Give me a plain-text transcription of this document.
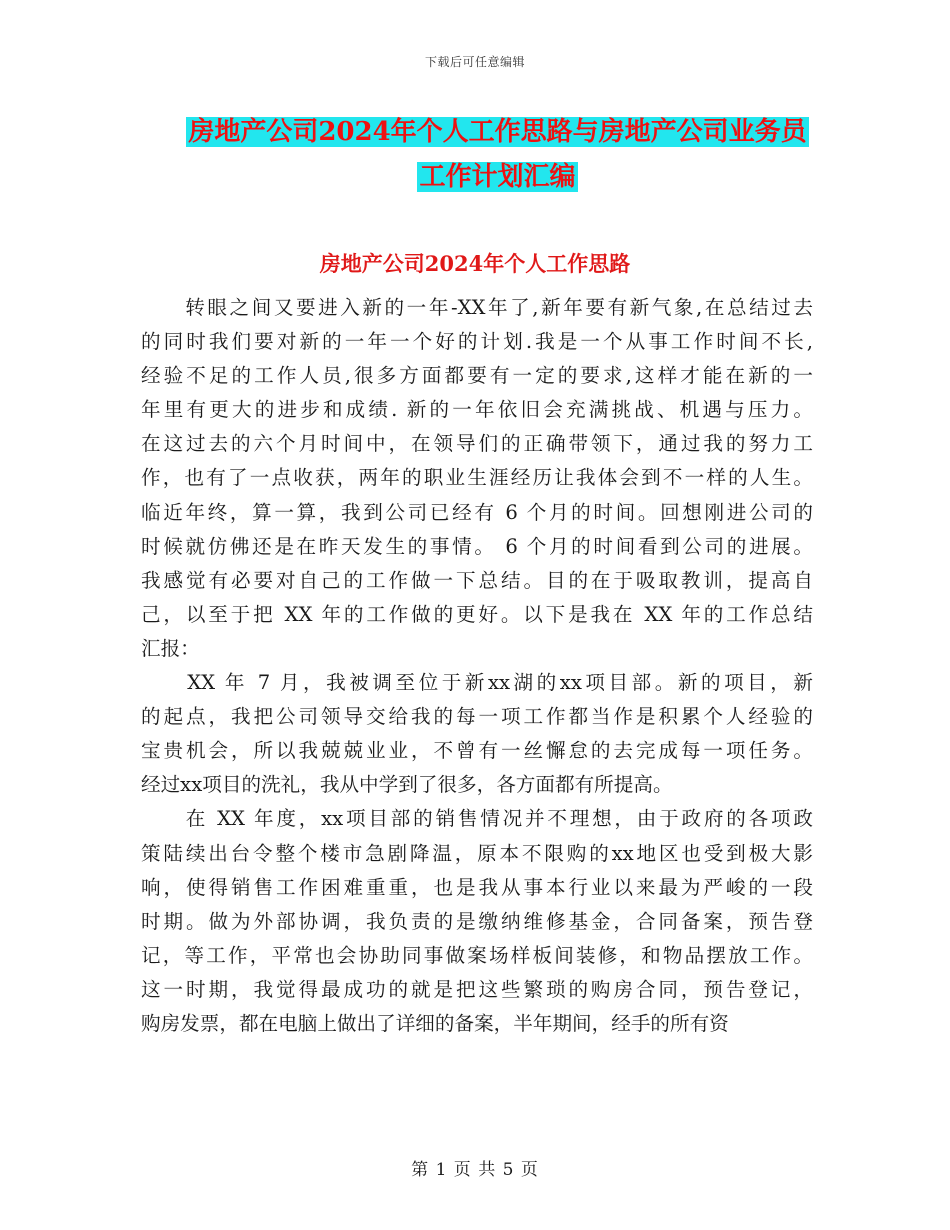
下载后可任意编辑
房地产公司2024年个人工作思路与房地产公司业务员
工作计划汇编
房地产公司2024年个人工作思路
　　转眼之间又要进入新的一年-XX年了,新年要有新气象,在总结过去
的同时我们要对新的一年一个好的计划.我是一个从事工作时间不长,
经验不足的工作人员,很多方面都要有一定的要求,这样才能在新的一
年里有更大的进步和成绩. 新的一年依旧会充满挑战、机遇与压力。
在这过去的六个月时间中，在领导们的正确带领下，通过我的努力工
作，也有了一点收获，两年的职业生涯经历让我体会到不一样的人生。
临近年终，算一算，我到公司已经有 6 个月的时间。回想刚进公司的
时候就仿佛还是在昨天发生的事情。 6 个月的时间看到公司的进展。
我感觉有必要对自己的工作做一下总结。目的在于吸取教训，提高自
己，以至于把 XX 年的工作做的更好。以下是我在 XX 年的工作总结
汇报：
　　XX 年 7 月，我被调至位于新xx湖的xx项目部。新的项目，新
的起点，我把公司领导交给我的每一项工作都当作是积累个人经验的
宝贵机会，所以我兢兢业业，不曾有一丝懈怠的去完成每一项任务。
经过xx项目的洗礼，我从中学到了很多，各方面都有所提高。
　　在 XX 年度，xx项目部的销售情况并不理想，由于政府的各项政
策陆续出台令整个楼市急剧降温，原本不限购的xx地区也受到极大影
响，使得销售工作困难重重，也是我从事本行业以来最为严峻的一段
时期。做为外部协调，我负责的是缴纳维修基金，合同备案，预告登
记，等工作，平常也会协助同事做案场样板间装修，和物品摆放工作。
这一时期，我觉得最成功的就是把这些繁琐的购房合同，预告登记，
购房发票，都在电脑上做出了详细的备案，半年期间，经手的所有资
第 1 页 共 5 页
